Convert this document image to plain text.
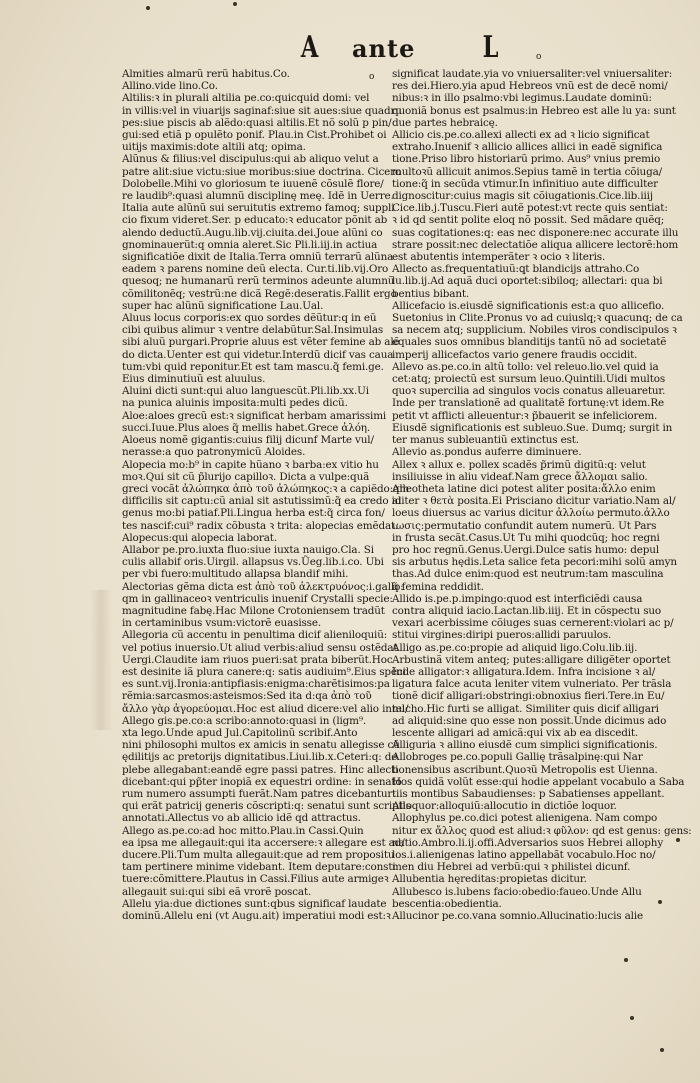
A ante L
o
o
Almities almarũ rerũ habitus.Co.
Allino.vide lino.Co.
Altilis:ꝛ in plurali altilia pe.co:quicquid domi: vel
in villis:vel in viuarijs saginaf:siue sit aues:siue quadru
pes:siue piscis ab alẽdo:quasi altilis.Et nõ solũ p pin/
gui:sed etiã p opulẽto ponif. Plau.in Cist.Prohibet oi
uitijs maximis:dote altili atq; opima.
Alũnus & filius:vel discipulus:qui ab aliquo velut a
patre alit:siue victu:siue moribus:siue doctrina. Cicero
Dolobelle.Mihi vo gloriosum te iuuenẽ cõsulẽ flore/
re laudib⁹:quasi alumnũ disciplinę meę. Idẽ in Uerre.
Italia aute alũnũ sui seruitutis extremo famoq; suppli
cio fixum videret.Ser. p educato:ꝛ educator põnit ab
alendo deductũ.Augu.lib.vij.ciuita.dei.Joue alũni co
gnominauerũt:q omnia aleret.Sic Pli.li.iij.in actiua
significatiõe dixit de Italia.Terra omniũ terrarũ alũna
eadem ꝛ parens nomine deũ electa. Cur.ti.lib.vij.Oro
quesoq; ne humanarũ rerũ terminos adeunte alumnũ
cõmilitonẽq; vestrũ:ne dicã Regẽ:deseratis.Fallit ergo
super hac alũnũ significatione Lau.Ual.
Aluus locus corporis:ex quo sordes dẽũtur:q in eũ
cibi quibus alimur ꝛ ventre delabũtur.Sal.Insimulas
sibi aluũ purgari.Proprie aluus est vẽter femine ab alẽ
do dicta.Uenter est qui videtur.Interdũ dicif vas caua
tum:vbi quid reponitur.Et est tam mascu.q̃ femi.ge.
Eius diminutiuũ est aluulus.
Aluini dicti sunt:qui aluo languescũt.Pli.lib.xx.Ui
na punica aluinis imposita:multi pedes dicũ.
Aloe:aloes grecũ est:ꝛ significat herbam amarissimi
succi.Iuue.Plus aloes q̃ mellis habet.Grece ἀλόη.
Aloeus nomẽ gigantis:cuius filij dicunf Marte vul/
nerasse:a quo patronymicũ Aloides.
Alopecia mo:b⁹ in capite hũano ꝛ barba:ex vitio hu
moꝛ.Qui sit cũ p̃lurijo capilloꝛ. Dicta a vulpe:quã
greci vocãt ἀλώπηκα ἀπὸ τοῦ ἀλώπηκος:ꝛ a capiẽdo:qm
difficilis sit captu:cũ anial sit astutissimũ:q̃ ea credo id
genus mo:bi patiaf.Pli.Lingua herba est:q̃ circa fon/
tes nascif:cui⁹ radix cõbusta ꝛ trita: alopecias emẽdat.
Alopecus:qui alopecia laborat.
Allabor pe.pro.iuxta fluo:siue iuxta nauigo.Cla. Si
culis allabif oris.Uirgil. allapsus vs.Ũeg.lib.i.co. Ubi
per vbi fuero:multitudo allapsa blandif mihi.
Alectorias gẽma dicta est ἀπὸ τοῦ ἀλεκτρυόνος:i.gallo:
qm in gallinaceoꝛ ventriculis inuenif Crystalli specie:
magnitudine fabę.Hac Milone Crotoniensem tradũt
in certaminibus vsum:victorẽ euasisse.
Allegoria cũ accentu in penultima dicif alieniloquiũ:
vel potius inuersio.Ut aliud verbis:aliud sensu ostẽdat
Uergi.Claudite iam riuos pueri:sat prata biberũt.Hoc
est desinite iã plura canere:q: satis audiuim⁹.Eius spẽci
es sunt.vij.Ironia:antipfiasis:enigma:charẽtisimos:pa
rẽmia:sarcasmos:asteismos:Sed ita d:qa ἀπὸ τοῦ
ἄλλο γὰρ ἀγορεύομαι.Hoc est aliud dicere:vel alio intel/
Allego gis.pe.co:a scribo:annoto:quasi in (ligm⁹.
xta lego.Unde apud Jul.Capitolinũ scribif.Anto
nini philosophi multos ex amicis in senatu allegisse cũ
ędilitijs ac pretorijs dignitatibus.Liui.lib.x.Ceteri:q: de
plebe allegabant:eandẽ egre passi patres. Hinc allecti
dicebant:qui pp̃ter inopiã ex equestri ordine: in senato
rum numero assumpti fuerãt.Nam patres dicebantur:
qui erãt patricij generis cõscripti:q: senatui sunt scriptis
annotati.Allectus vo ab allicio idẽ qd attractus.
Allego as.pe.co:ad hoc mitto.Plau.in Cassi.Quin
ea ipsa me allegauit:qui ita accersere:ꝛ allegare est ad/
ducere.Pli.Tum multa allegauit:que ad rem propositu
tam pertinere minime videbant. Item deputare:consti
tuere:cõmittere.Plautus in Cassi.Filius aute armigeꝛ
allegauit sui:qui sibi eã vrorẽ poscat.
Allelu yia:due dictiones sunt:qbus significaf laudate
dominũ.Allelu eni (vt Augu.ait) imperatiui modi est:ꝛ
significat laudate.yia vo vniuersaliter:vel vniuersaliter:
res dei.Hiero.yia apud Hebreos vnũ est de decẽ nomi/
nibus:ꝛ in illo psalmo:vbi legimus.Laudate dominũ:
quoniã bonus est psalmus:in Hebreo est alle lu ya: sunt
due partes hebraicę.
Allicio cis.pe.co.allexi allecti ex ad ꝛ licio significat
extraho.Inuenif ꝛ allicio allices allici in eadẽ significa
tione.Priso libro historiarũ primo. Aus⁹ vnius premio
multoꝛũ allicuit animos.Sepius tamẽ in tertia cõiuga/
tione:q̃ in secũda vtimur.In infinitiuo aute difficulter
dignoscitur:cuius magis sit cõiugationis.Cice.lib.iiij
Cice.lib.j.Tuscu.Fieri autẽ potest:vt recte quis sentiat:
ꝛ id qd sentit polite eloq nõ possit. Sed mãdare quẽq;
suas cogitationes:q: eas nec disponere:nec accurate illu
strare possit:nec delectatiõe aliqua allicere lectorẽ:hom
est abutentis intemperãter ꝛ ocio ꝛ literis.
Allecto as.frequentatiuũ:ꝗt blandicijs attraho.Co
lu.lib.ij.Ad aquã duci oportet:sibiloq; allectari: qua bi
bentius bibant.
Allicefacio is.eiusdẽ significationis est:a quo allicefio.
Suetonius in Clite.Pronus vo ad cuiuslq;ꝛ quacunq; de ca
sa necem atq; supplicium. Nobiles viros condiscipulos ꝛ
equales suos omnibus blanditijs tantũ nõ ad societatẽ
imperij allicefactos vario genere fraudis occidit.
Allevo as.pe.co.in altũ tollo: vel releuo.lio.vel quid ia
cet:atq; proiectũ est sursum leuo.Quintili.Uidi multos
quoꝛ supercilia ad singulos vocis conatus alleuaretur.
Inde per translationẽ ad qualitatẽ fortunę:vt idem.Re
petit vt afflicti alleuentur:ꝛ p̃bauerit se infeliciorem.
Eiusdẽ significationis est subleuo.Sue. Dumq; surgit in
ter manus subleuantiũ extinctus est.
Allevio as.pondus auferre diminuere.
Allex ꝛ allux e. pollex scadẽs p̃rimũ digitũ:q: velut
insiliuisse in aliu videaf.Nam grece ἄλλομαι salio.
Alleotheta latine dici potest aliter posita:ἄλλο enim
aliter ꝛ θετὰ posita.Ei Prisciano dicitur variatio.Nam al/
loeus diuersus ac varius dicitur ἀλλοίω permuto.ἀλλο
ιωσις:permutatio confundit autem numerũ. Ut Pars
in frusta secãt.Casus.Ut Tu mihi quodcũq; hoc regni
pro hoc regnũ.Genus.Uergi.Dulce satis humo: depul
sis arbutus hędis.Leta salice feta pecori:mihi solũ amyn
thas.Ad dulce enim:quod est neutrum:tam masculina
q̃ femina reddidit.
Allido is.pe.p.impingo:quod est interficiẽdi causa
contra aliquid iacio.Lactan.lib.iiij. Et in cõspectu suo
vexari acerbissime cõiuges suas cernerent:violari ac p/
stitui virgines:diripi pueros:allidi paruulos.
Alligo as.pe.co:propie ad aliquid ligo.Colu.lib.iij.
Arbustinã vitem anteq; putes:alligare diligẽter oportet
Inde alligator:ꝛ alligatura.Idem. Infra incisione ꝛ al/
ligatura falce acuta leniter vitem vulneriato. Per trãsla
tionẽ dicif alligari:obstringi:obnoxius fieri.Tere.in Eu/
nucho.Hic furti se alligat. Similiter quis dicif alligari
ad aliquid:sine quo esse non possit.Unde dicimus ado
lescente alligari ad amicã:qui vix ab ea discedit.
Alliguria ꝛ allino eiusdẽ cum simplici significationis.
Allobroges pe.co.populi Gallię trãsalpinę:qui Nar
bonensibus ascribunt.Quoꝛũ Metropolis est Uienna.
Hos quidã volũt esse:qui hodie appelant vocabulo a Saba
tiis montibus Sabaudienses: p Sabatienses appellant.
Alloquor:alloquiũ:allocutio in dictiõe loquor.
Allophylus pe.co.dici potest alienigena. Nam compo
nitur ex ἄλλος quod est aliud:ꝛ φῦλον: qd est genus: gens:
natio.Ambro.li.ij.offi.Adversarios suos Hebrei allophy
los.i.alienigenas latino appellabãt vocabulo.Hoc no/
men diu Hebrei ad verbũ:qui ꝛ philistei dicunf.
Allubentia hęreditas:propietas dicitur.
Allubesco is.lubens facio:obedio:faueo.Unde Allu
bescentia:obedientia.
Allucinor pe.co.vana somnio.Allucinatio:lucis alie
